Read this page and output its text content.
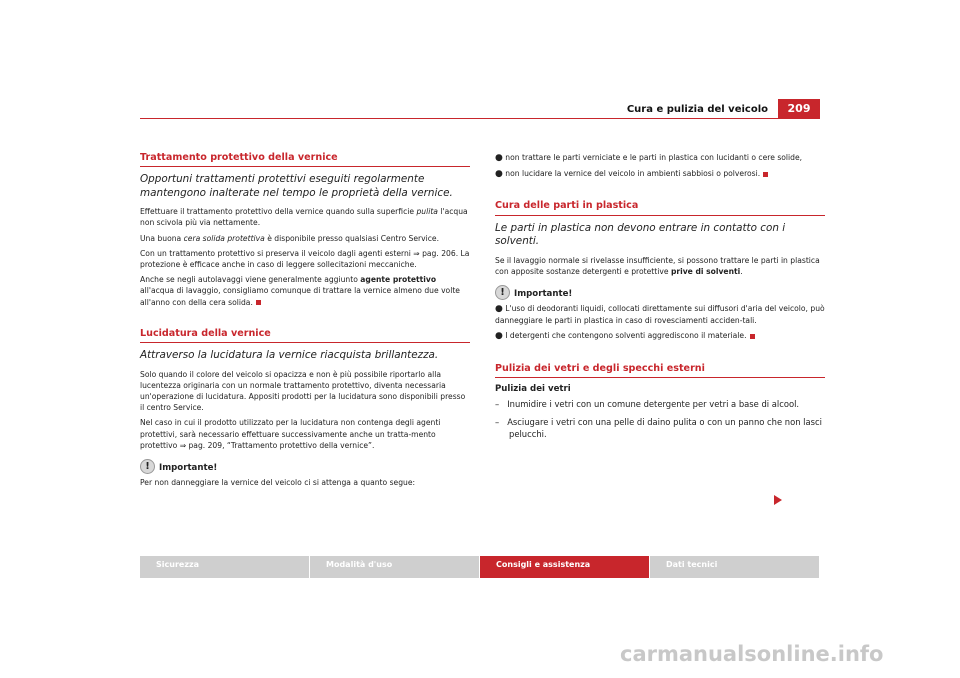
Cura e pulizia del veicolo	209
Trattamento protettivo della vernice
Opportuni trattamenti protettivi eseguiti regolarmente mantengono inalterate nel tempo le proprietà della vernice.

Effettuare il trattamento protettivo della vernice quando sulla superficie pulita l'acqua non scivola più via nettamente.

Una buona cera solida protettiva è disponibile presso qualsiasi Centro Service.

Con un trattamento protettivo si preserva il veicolo dagli agenti esterni ⇒ pag. 206. La protezione è efficace anche in caso di leggere sollecitazioni meccaniche.

Anche se negli autolavaggi viene generalmente aggiunto agente protettivo all'acqua di lavaggio, consigliamo comunque di trattare la vernice almeno due volte all'anno con della cera solida.

Lucidatura della vernice
Attraverso la lucidatura la vernice riacquista brillantezza.

Solo quando il colore del veicolo si opacizza e non è più possibile riportarlo alla lucentezza originaria con un normale trattamento protettivo, diventa necessaria un'operazione di lucidatura. Appositi prodotti per la lucidatura sono disponibili presso il centro Service.

Nel caso in cui il prodotto utilizzato per la lucidatura non contenga degli agenti protettivi, sarà necessario effettuare successivamente anche un tratta-mento protettivo ⇒ pag. 209, “Trattamento protettivo della vernice”.

!	Importante!

Per non danneggiare la vernice del veicolo ci si attenga a quanto segue:

● non trattare le parti verniciate e le parti in plastica con lucidanti o cere solide,

● non lucidare la vernice del veicolo in ambienti sabbiosi o polverosi.

Cura delle parti in plastica
Le parti in plastica non devono entrare in contatto con i solventi.

Se il lavaggio normale si rivelasse insufficiente, si possono trattare le parti in plastica con apposite sostanze detergenti e protettive prive di solventi.

!	Importante!

● L'uso di deodoranti liquidi, collocati direttamente sui diffusori d'aria del veicolo, può danneggiare le parti in plastica in caso di rovesciamenti acciden-tali.

● I detergenti che contengono solventi aggrediscono il materiale.

Pulizia dei vetri e degli specchi esterni
Pulizia dei vetri

–   Inumidire i vetri con un comune detergente per vetri a base di alcool.

–   Asciugare i vetri con una pelle di daino pulita o con un panno che non lasci pelucchi.

Sicurezza	Modalità d'uso	Consigli e assistenza	Dati tecnici
carmanualsonline.info
